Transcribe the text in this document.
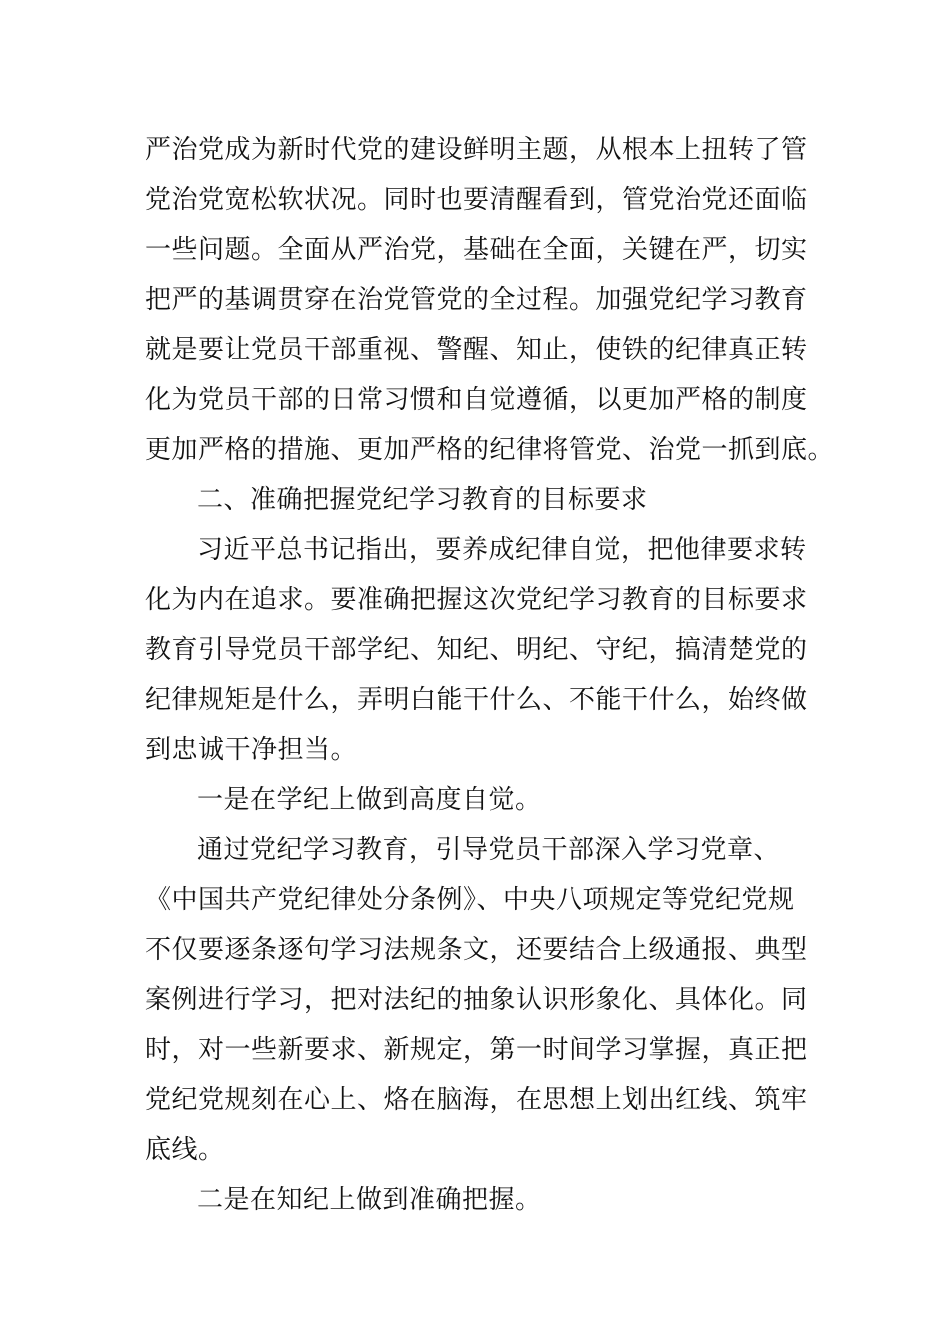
严治党成为新时代党的建设鲜明主题，从根本上扭转了管
党治党宽松软状况。同时也要清醒看到，管党治党还面临
一些问题。全面从严治党，基础在全面，关键在严，切实
把严的基调贯穿在治党管党的全过程。加强党纪学习教育
就是要让党员干部重视、警醒、知止，使铁的纪律真正转
化为党员干部的日常习惯和自觉遵循，以更加严格的制度
更加严格的措施、更加严格的纪律将管党、治党一抓到底。
二、准确把握党纪学习教育的目标要求
习近平总书记指出，要养成纪律自觉，把他律要求转
化为内在追求。要准确把握这次党纪学习教育的目标要求
教育引导党员干部学纪、知纪、明纪、守纪，搞清楚党的
纪律规矩是什么，弄明白能干什么、不能干什么，始终做
到忠诚干净担当。
一是在学纪上做到高度自觉。
通过党纪学习教育，引导党员干部深入学习党章、
《中国共产党纪律处分条例》、中央八项规定等党纪党规
不仅要逐条逐句学习法规条文，还要结合上级通报、典型
案例进行学习，把对法纪的抽象认识形象化、具体化。同
时，对一些新要求、新规定，第一时间学习掌握，真正把
党纪党规刻在心上、烙在脑海，在思想上划出红线、筑牢
底线。
二是在知纪上做到准确把握。
